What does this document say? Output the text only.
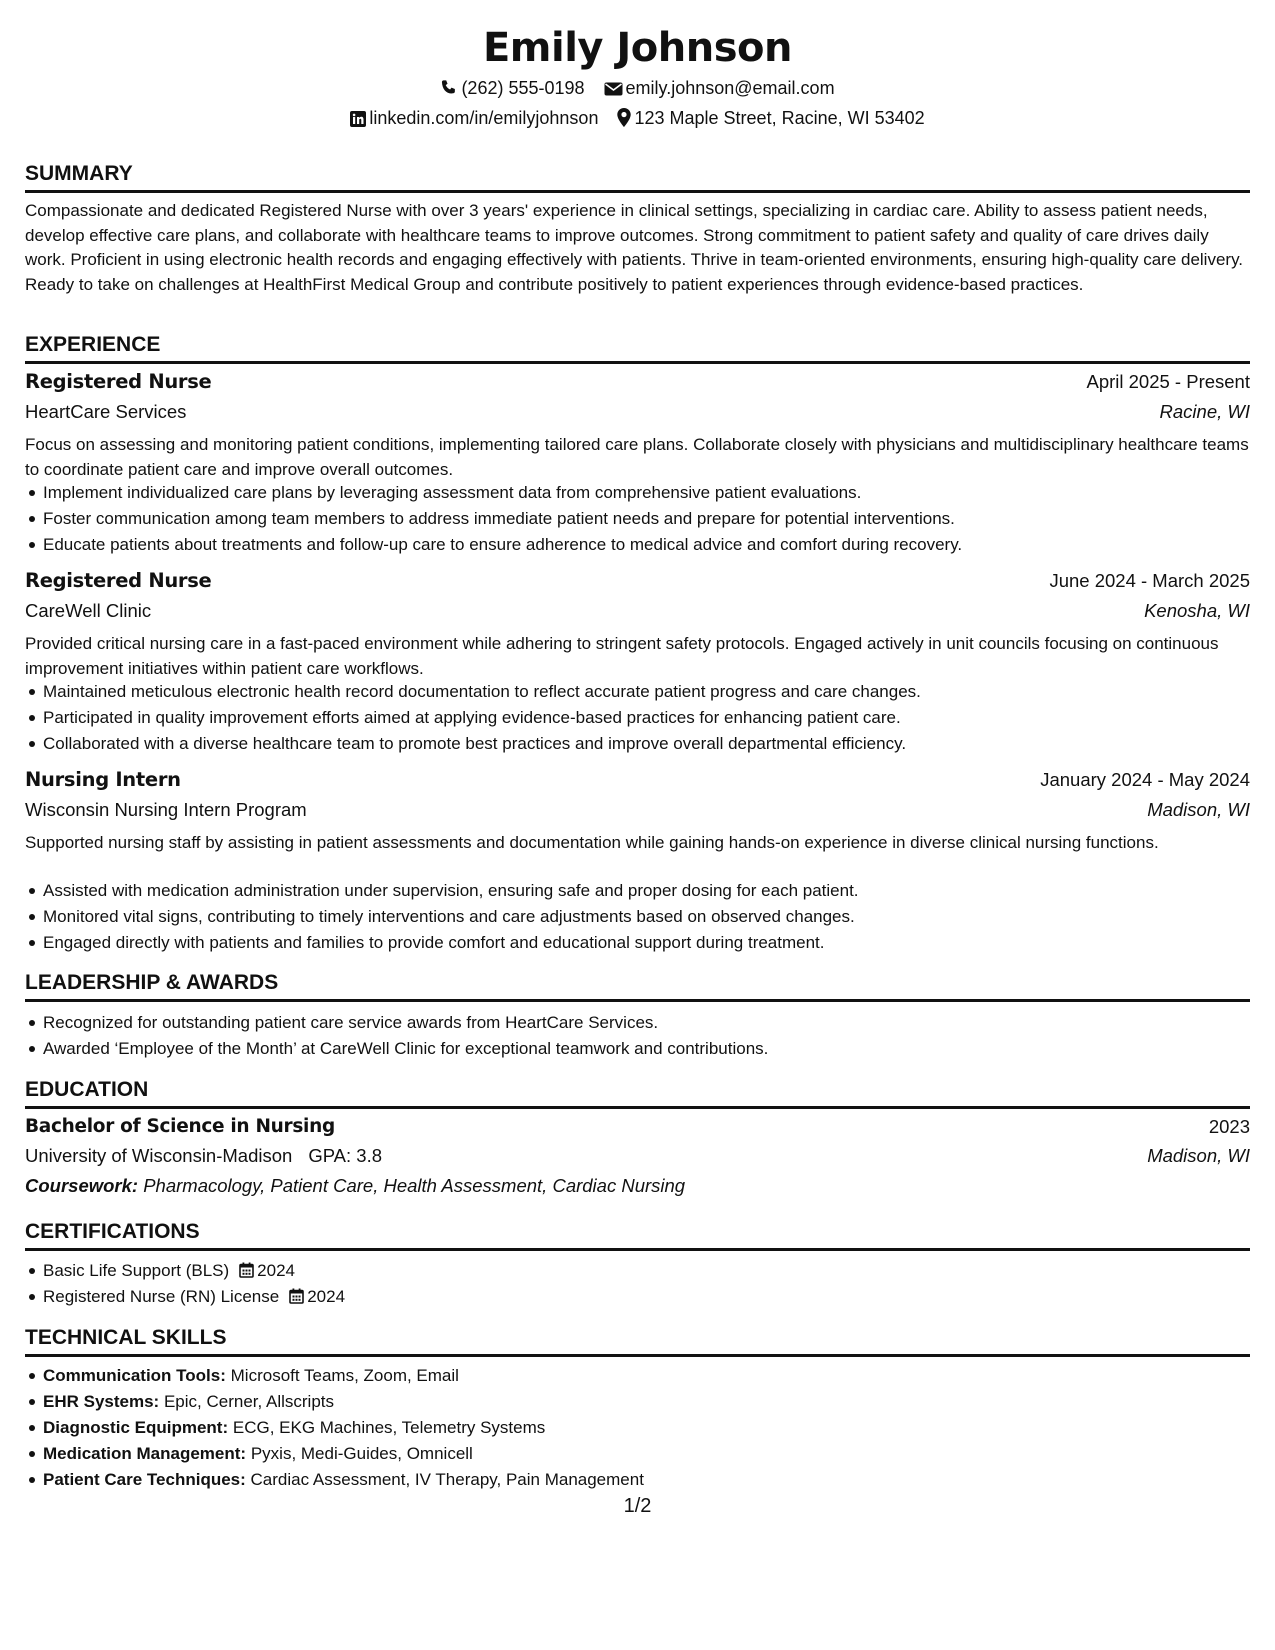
Emily Johnson
(262) 555-0198 emily.johnson@email.com
linkedin.com/in/emilyjohnson 123 Maple Street, Racine, WI 53402
SUMMARY
Compassionate and dedicated Registered Nurse with over 3 years' experience in clinical settings, specializing in cardiac care. Ability to assess patient needs, develop effective care plans, and collaborate with healthcare teams to improve outcomes. Strong commitment to patient safety and quality of care drives daily work. Proficient in using electronic health records and engaging effectively with patients. Thrive in team-oriented environments, ensuring high-quality care delivery. Ready to take on challenges at HealthFirst Medical Group and contribute positively to patient experiences through evidence-based practices.
EXPERIENCE
Registered Nurse	April 2025 - Present
HeartCare Services	Racine, WI
Focus on assessing and monitoring patient conditions, implementing tailored care plans. Collaborate closely with physicians and multidisciplinary healthcare teams to coordinate patient care and improve overall outcomes.
Implement individualized care plans by leveraging assessment data from comprehensive patient evaluations.
Foster communication among team members to address immediate patient needs and prepare for potential interventions.
Educate patients about treatments and follow-up care to ensure adherence to medical advice and comfort during recovery.
Registered Nurse	June 2024 - March 2025
CareWell Clinic	Kenosha, WI
Provided critical nursing care in a fast-paced environment while adhering to stringent safety protocols. Engaged actively in unit councils focusing on continuous improvement initiatives within patient care workflows.
Maintained meticulous electronic health record documentation to reflect accurate patient progress and care changes.
Participated in quality improvement efforts aimed at applying evidence-based practices for enhancing patient care.
Collaborated with a diverse healthcare team to promote best practices and improve overall departmental efficiency.
Nursing Intern	January 2024 - May 2024
Wisconsin Nursing Intern Program	Madison, WI
Supported nursing staff by assisting in patient assessments and documentation while gaining hands-on experience in diverse clinical nursing functions.
Assisted with medication administration under supervision, ensuring safe and proper dosing for each patient.
Monitored vital signs, contributing to timely interventions and care adjustments based on observed changes.
Engaged directly with patients and families to provide comfort and educational support during treatment.
LEADERSHIP & AWARDS
Recognized for outstanding patient care service awards from HeartCare Services.
Awarded ‘Employee of the Month’ at CareWell Clinic for exceptional teamwork and contributions.
EDUCATION
Bachelor of Science in Nursing	2023
University of Wisconsin-Madison GPA: 3.8	Madison, WI
Coursework: Pharmacology, Patient Care, Health Assessment, Cardiac Nursing
CERTIFICATIONS
Basic Life Support (BLS) 2024
Registered Nurse (RN) License 2024
TECHNICAL SKILLS
Communication Tools: Microsoft Teams, Zoom, Email
EHR Systems: Epic, Cerner, Allscripts
Diagnostic Equipment: ECG, EKG Machines, Telemetry Systems
Medication Management: Pyxis, Medi-Guides, Omnicell
Patient Care Techniques: Cardiac Assessment, IV Therapy, Pain Management
1/2
